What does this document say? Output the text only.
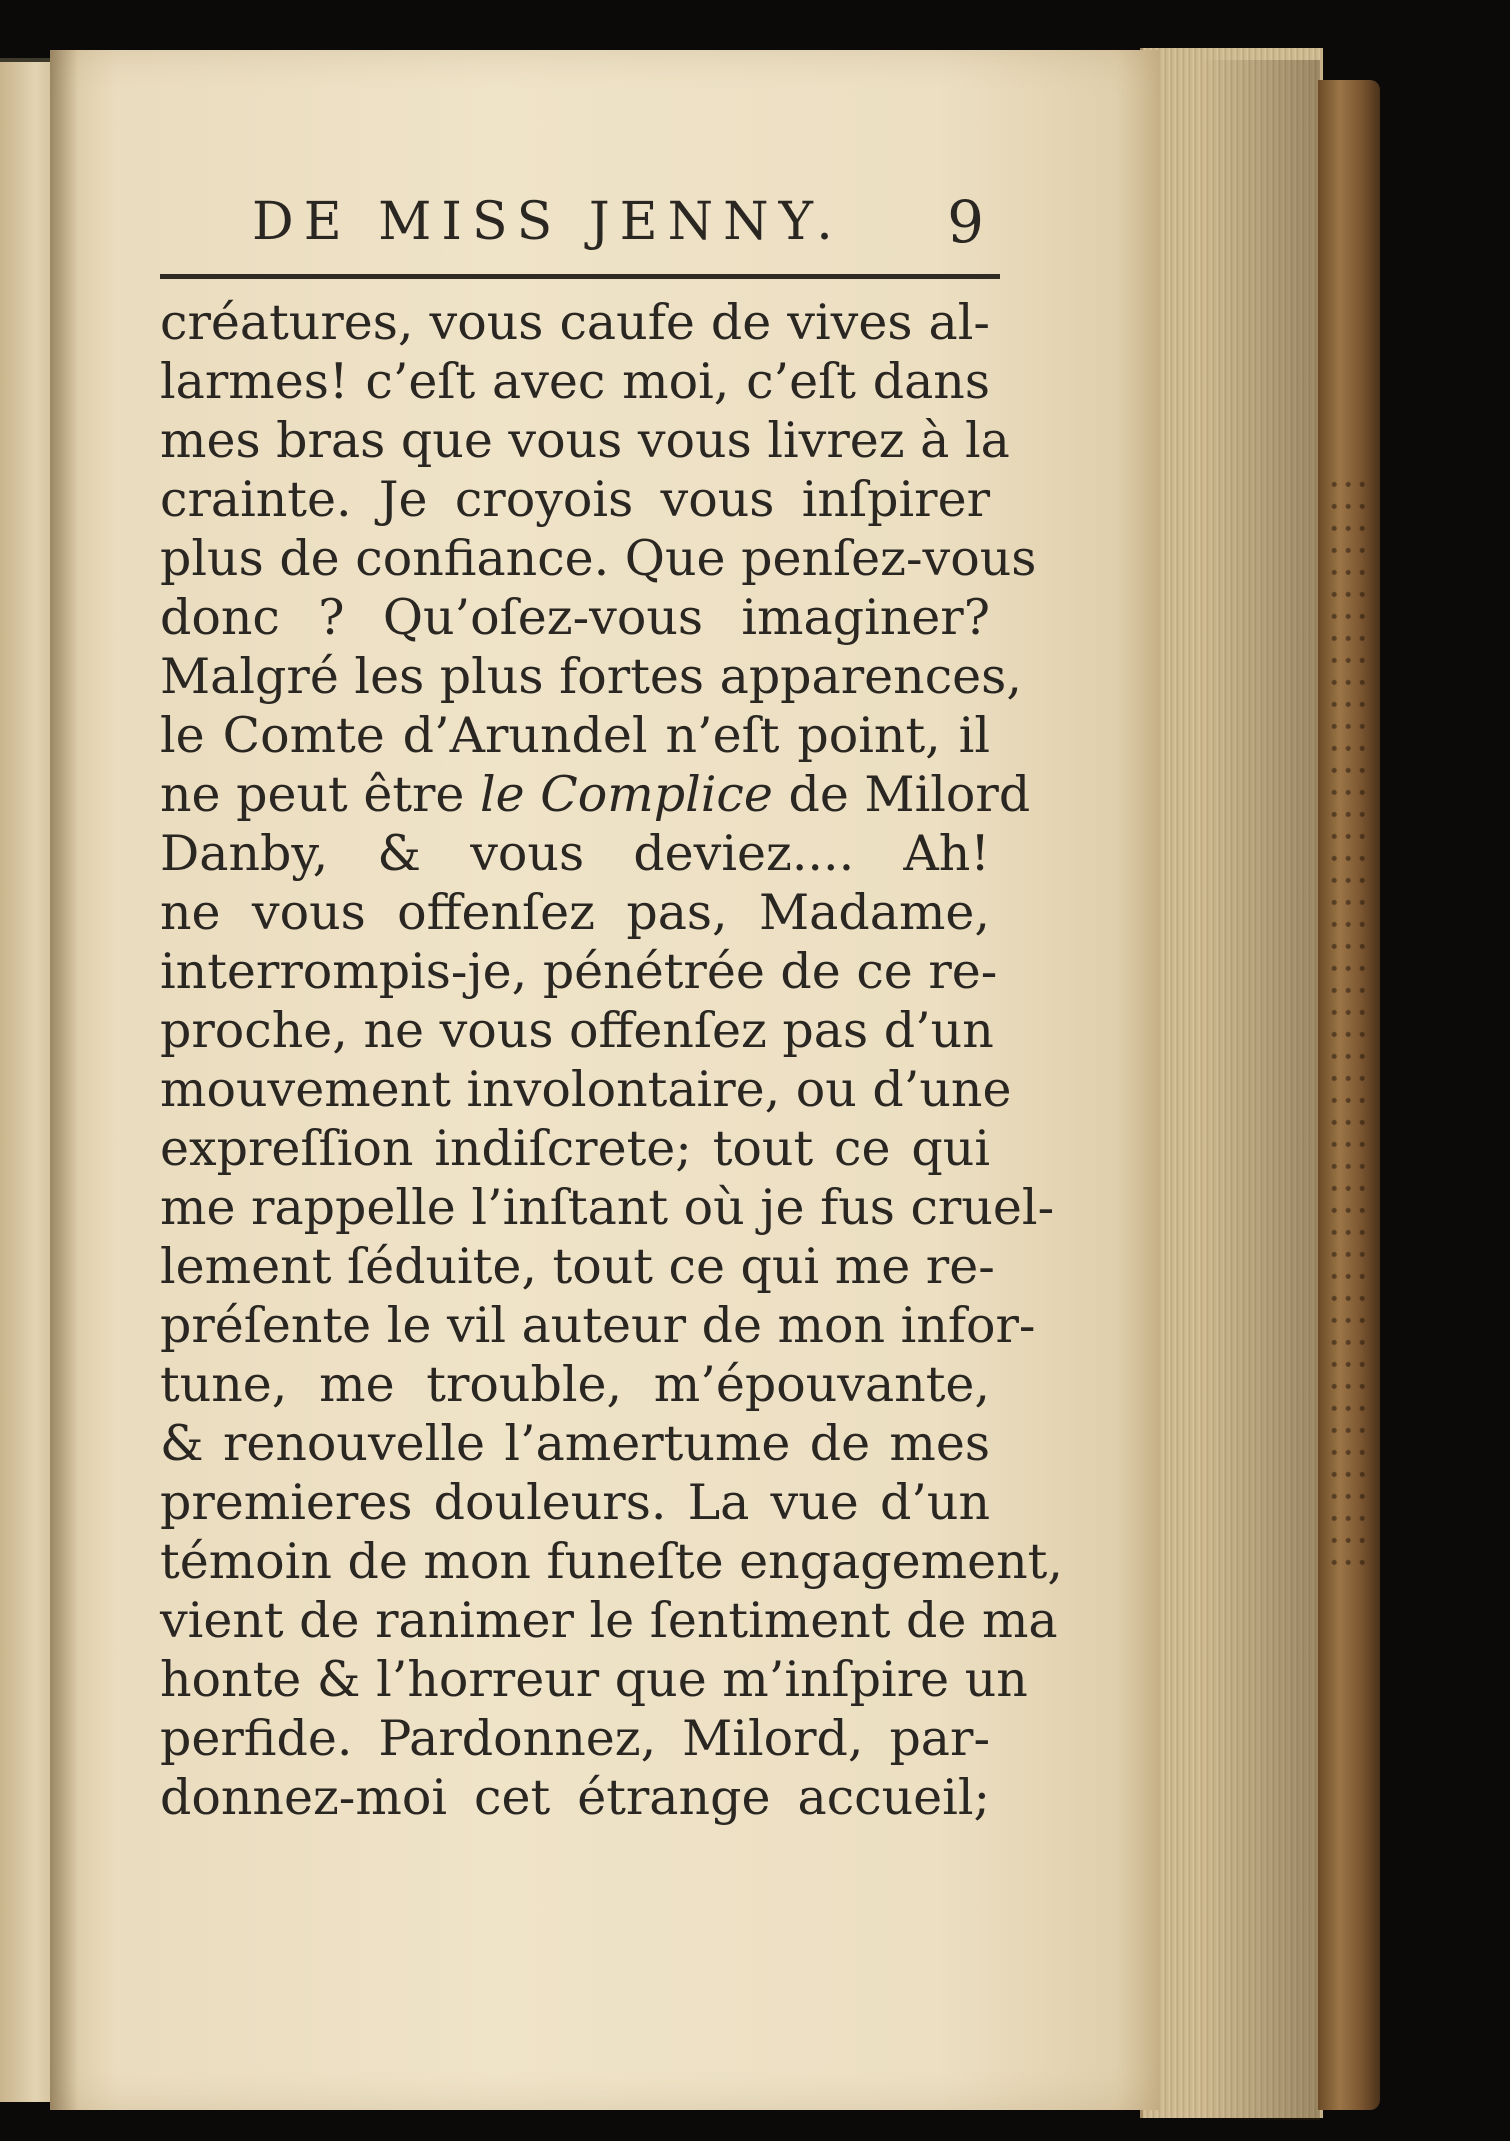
DE MISS JENNY. 9
créatures, vous caufe de vives al-
larmes! c’eſt avec moi, c’eſt dans
mes bras que vous vous livrez à la
crainte. Je croyois vous inſpirer
plus de confiance. Que penſez-vous
donc ? Qu’oſez-vous imaginer?
Malgré les plus fortes apparences,
le Comte d’Arundel n’eſt point, il
ne peut être le Complice de Milord
Danby, & vous deviez.... Ah!
ne vous offenſez pas, Madame,
interrompis-je, pénétrée de ce re-
proche, ne vous offenſez pas d’un
mouvement involontaire, ou d’une
expreſſion indiſcrete; tout ce qui
me rappelle l’inſtant où je fus cruel-
lement ſéduite, tout ce qui me re-
préſente le vil auteur de mon infor-
tune, me trouble, m’épouvante,
& renouvelle l’amertume de mes
premieres douleurs. La vue d’un
témoin de mon funeſte engagement,
vient de ranimer le ſentiment de ma
honte & l’horreur que m’inſpire un
perfide. Pardonnez, Milord, par-
donnez-moi cet étrange accueil;
